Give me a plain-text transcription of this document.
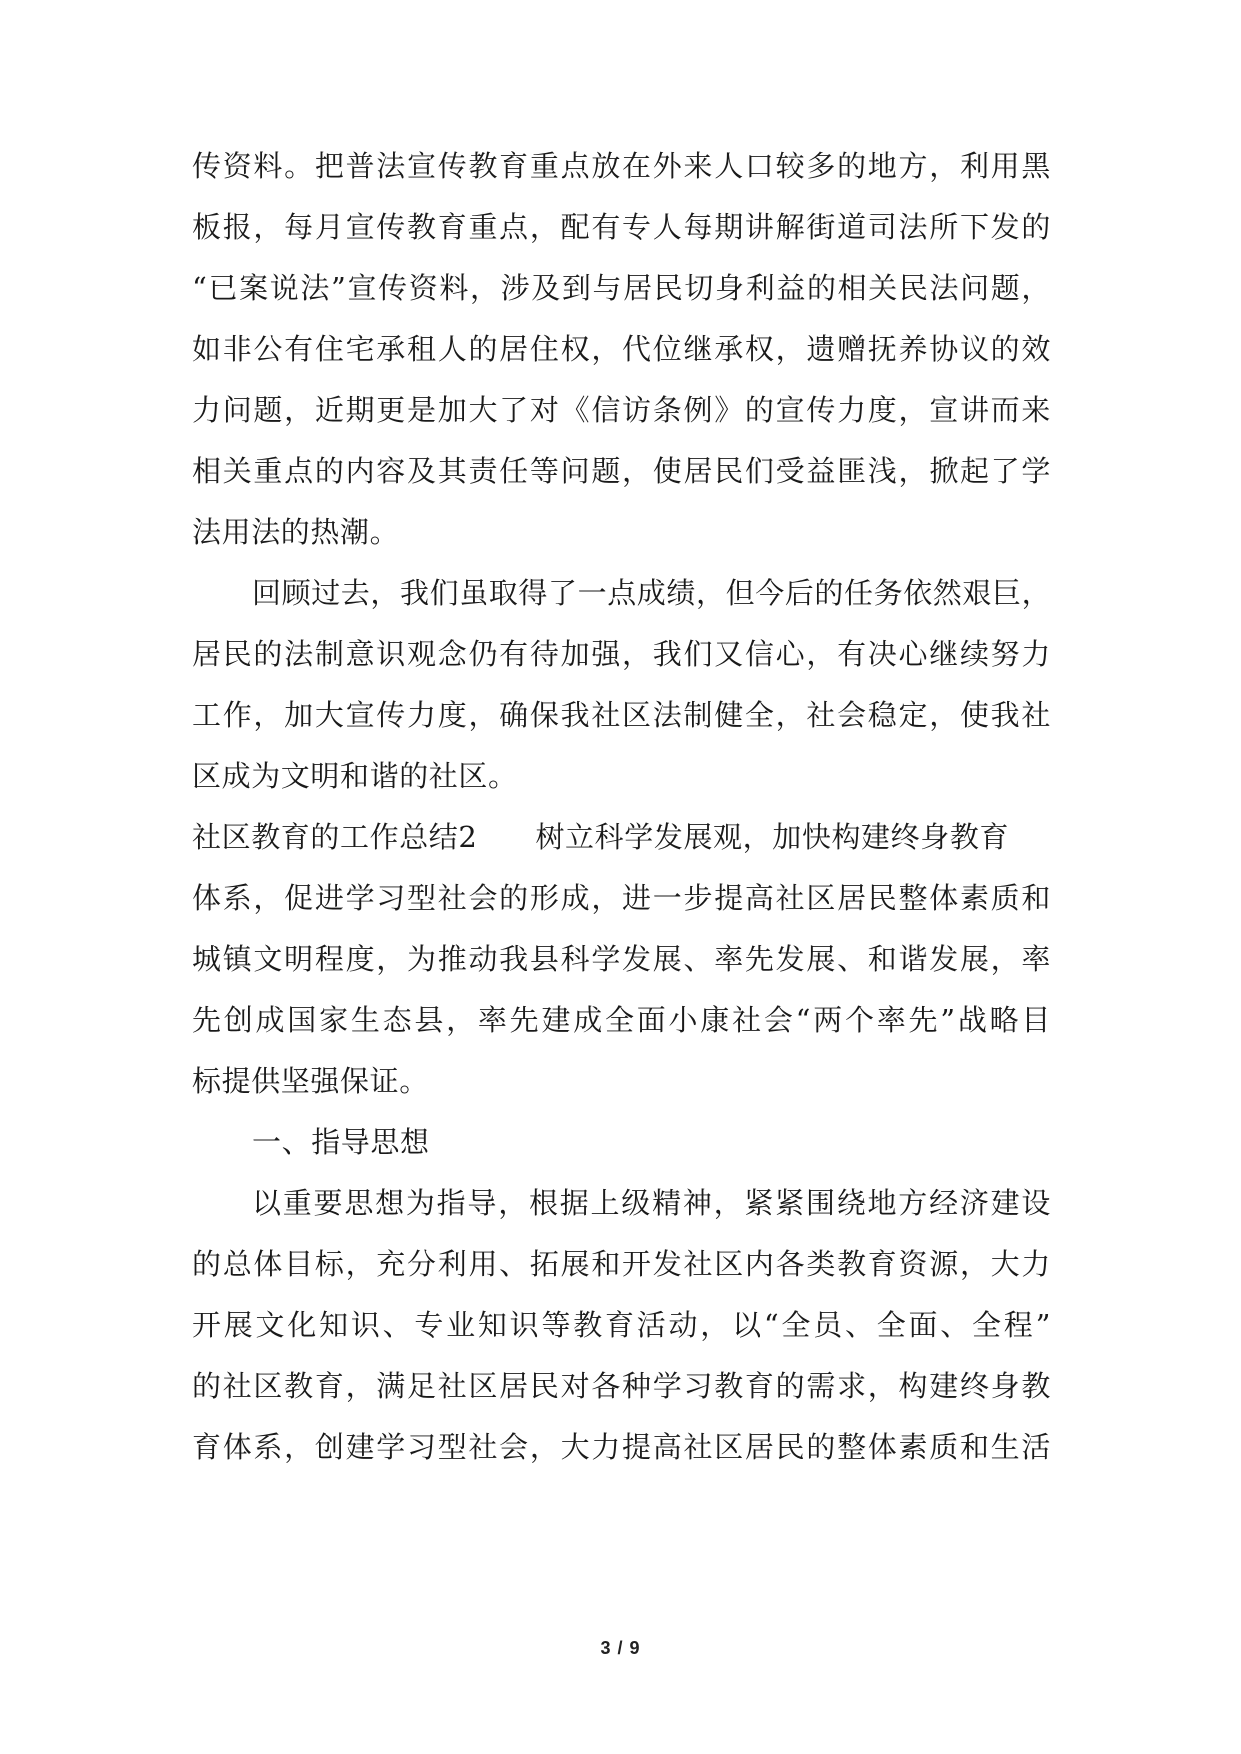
传资料。把普法宣传教育重点放在外来人口较多的地方，利用黑
板报，每月宣传教育重点，配有专人每期讲解街道司法所下发的
“已案说法”宣传资料，涉及到与居民切身利益的相关民法问题，
如非公有住宅承租人的居住权，代位继承权，遗赠抚养协议的效
力问题，近期更是加大了对《信访条例》的宣传力度，宣讲而来
相关重点的内容及其责任等问题，使居民们受益匪浅，掀起了学
法用法的热潮。
回顾过去，我们虽取得了一点成绩，但今后的任务依然艰巨，
居民的法制意识观念仍有待加强，我们又信心，有决心继续努力
工作，加大宣传力度，确保我社区法制健全，社会稳定，使我社
区成为文明和谐的社区。
社区教育的工作总结2 树立科学发展观，加快构建终身教育
体系，促进学习型社会的形成，进一步提高社区居民整体素质和
城镇文明程度，为推动我县科学发展、率先发展、和谐发展，率
先创成国家生态县，率先建成全面小康社会“两个率先”战略目
标提供坚强保证。
一、指导思想
以重要思想为指导，根据上级精神，紧紧围绕地方经济建设
的总体目标，充分利用、拓展和开发社区内各类教育资源，大力
开展文化知识、专业知识等教育活动，以“全员、全面、全程”
的社区教育，满足社区居民对各种学习教育的需求，构建终身教
育体系，创建学习型社会，大力提高社区居民的整体素质和生活
3 / 9
